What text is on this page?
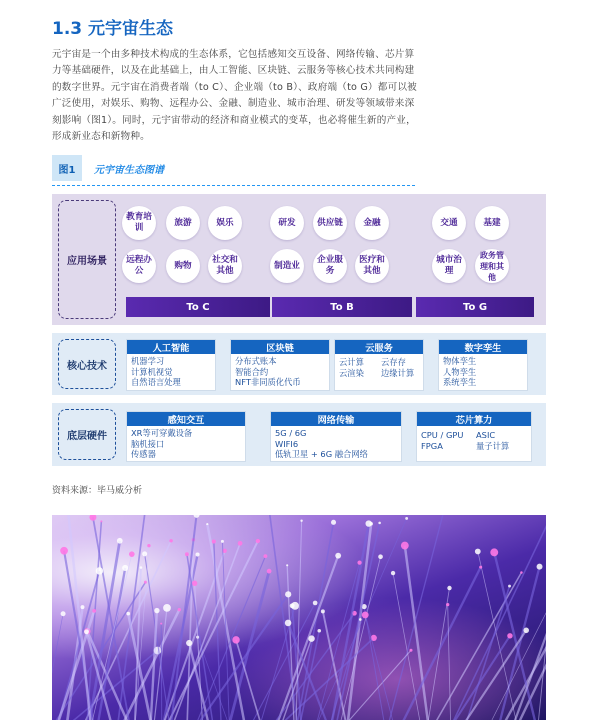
1.3 元宇宙生态
元宇宙是一个由多种技术构成的生态体系，它包括感知交互设备、网络传输、芯片算力等基础硬件，以及在此基础上，由人工智能、区块链、云服务等核心技术共同构建的数字世界。元宇宙在消费者端（to C）、企业端（to B）、政府端（to G）都可以被广泛使用，对娱乐、购物、远程办公、金融、制造业、城市治理、研发等领域带来深刻影响（图1）。同时，元宇宙带动的经济和商业模式的变革，也必将催生新的产业，形成新业态和新物种。
图1	元宇宙生态图谱
应用场景
教育培训
旅游	娱乐
远程办公
购物
社交和其他
To C
研发	供应链	金融
制造业
企业服务
医疗和其他
To B
交通	基建
城市治理
政务管理和其他
To G
核心技术
人工智能
机器学习
计算机视觉
自然语言处理
区块链
分布式账本
智能合约
NFT非同质化代币
云服务
云计算
云渲染
云存存
边缘计算
数字孪生
物体孪生
人物孪生
系统孪生
底层硬件
感知交互
XR等可穿戴设备
脑机接口
传感器
网络传输
5G / 6G
WIFI6
低轨卫星 + 6G 融合网络
芯片算力
CPU / GPU
FPGA
ASIC
量子计算
资料来源：毕马威分析
